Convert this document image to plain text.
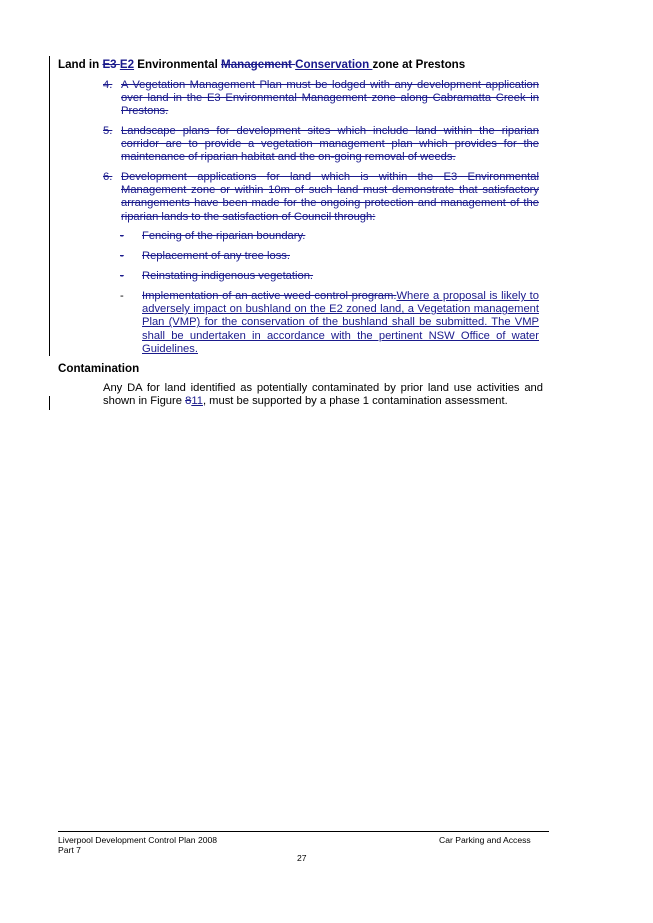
Land in E3 E2 Environmental Management Conservation zone at Prestons
4. A Vegetation Management Plan must be lodged with any development application over land in the E3 Environmental Management zone along Cabramatta Creek in Prestons.
5. Landscape plans for development sites which include land within the riparian corridor are to provide a vegetation management plan which provides for the maintenance of riparian habitat and the on-going removal of weeds.
6. Development applications for land which is within the E3 Environmental Management zone or within 10m of such land must demonstrate that satisfactory arrangements have been made for the ongoing protection and management of the riparian lands to the satisfaction of Council through:
- Fencing of the riparian boundary.
- Replacement of any tree loss.
- Reinstating indigenous vegetation.
- Implementation of an active weed control program.Where a proposal is likely to adversely impact on bushland on the E2 zoned land, a Vegetation management Plan (VMP) for the conservation of the bushland shall be submitted. The VMP shall be undertaken in accordance with the pertinent NSW Office of water Guidelines.
Contamination
Any DA for land identified as potentially contaminated by prior land use activities and shown in Figure 811, must be supported by a phase 1 contamination assessment.
Liverpool Development Control Plan 2008
Part 7
Car Parking and Access
27
